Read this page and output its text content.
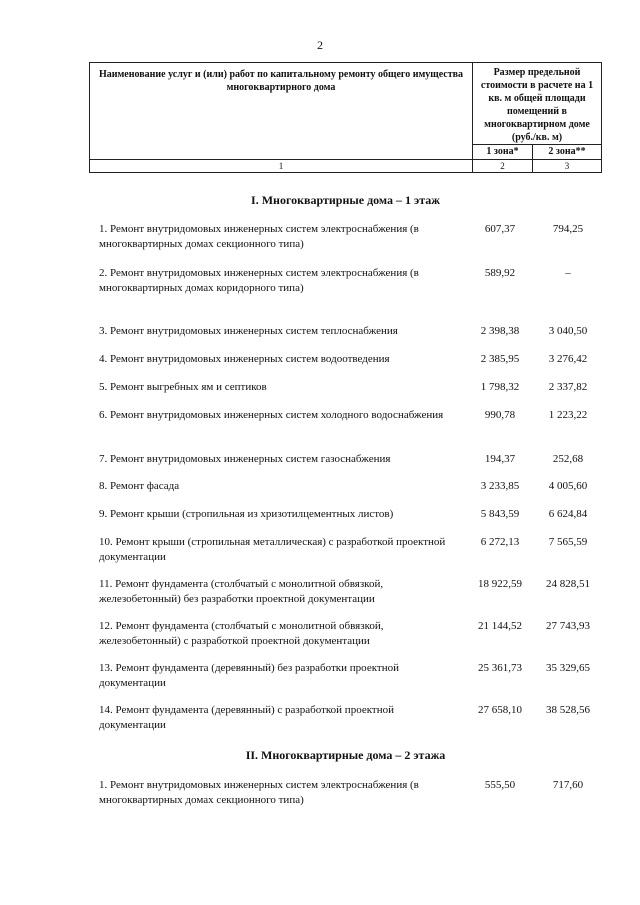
2
Наименование услуг и (или) работ по капитальному ремонту общего имущества многоквартирного дома	Размер предельной стоимости в расчете на 1 кв. м общей площади помещений в многоквартирном доме (руб./кв. м)	
	1 зона*	2 зона**
1	2	3
I. Многоквартирные дома – 1 этаж
1. Ремонт внутридомовых инженерных систем электроснабжения (в многоквартирных домах секционного типа)
607,37	794,25
2. Ремонт внутридомовых инженерных систем электроснабжения (в многоквартирных домах коридорного типа)
589,92	–
3. Ремонт внутридомовых инженерных систем теплоснабжения	2 398,38	3 040,50
4. Ремонт внутридомовых инженерных систем водоотведения	2 385,95	3 276,42
5. Ремонт выгребных ям и септиков	1 798,32	2 337,82
6. Ремонт внутридомовых инженерных систем холодного водоснабжения	990,78	1 223,22
7. Ремонт внутридомовых инженерных систем газоснабжения	194,37	252,68
8. Ремонт фасада	3 233,85	4 005,60
9. Ремонт крыши (стропильная из хризотилцементных листов)	5 843,59	6 624,84
10. Ремонт крыши (стропильная металлическая) с разработкой проектной документации
6 272,13	7 565,59
11. Ремонт фундамента (столбчатый с монолитной обвязкой, железобетонный) без разработки проектной документации
18 922,59	24 828,51
12. Ремонт фундамента (столбчатый с монолитной обвязкой, железобетонный) с разработкой проектной документации
21 144,52	27 743,93
13. Ремонт фундамента (деревянный) без разработки проектной документации
25 361,73	35 329,65
14. Ремонт фундамента (деревянный) с разработкой проектной документации
27 658,10	38 528,56
II. Многоквартирные дома – 2 этажа
1. Ремонт внутридомовых инженерных систем электроснабжения (в многоквартирных домах секционного типа)
555,50	717,60
